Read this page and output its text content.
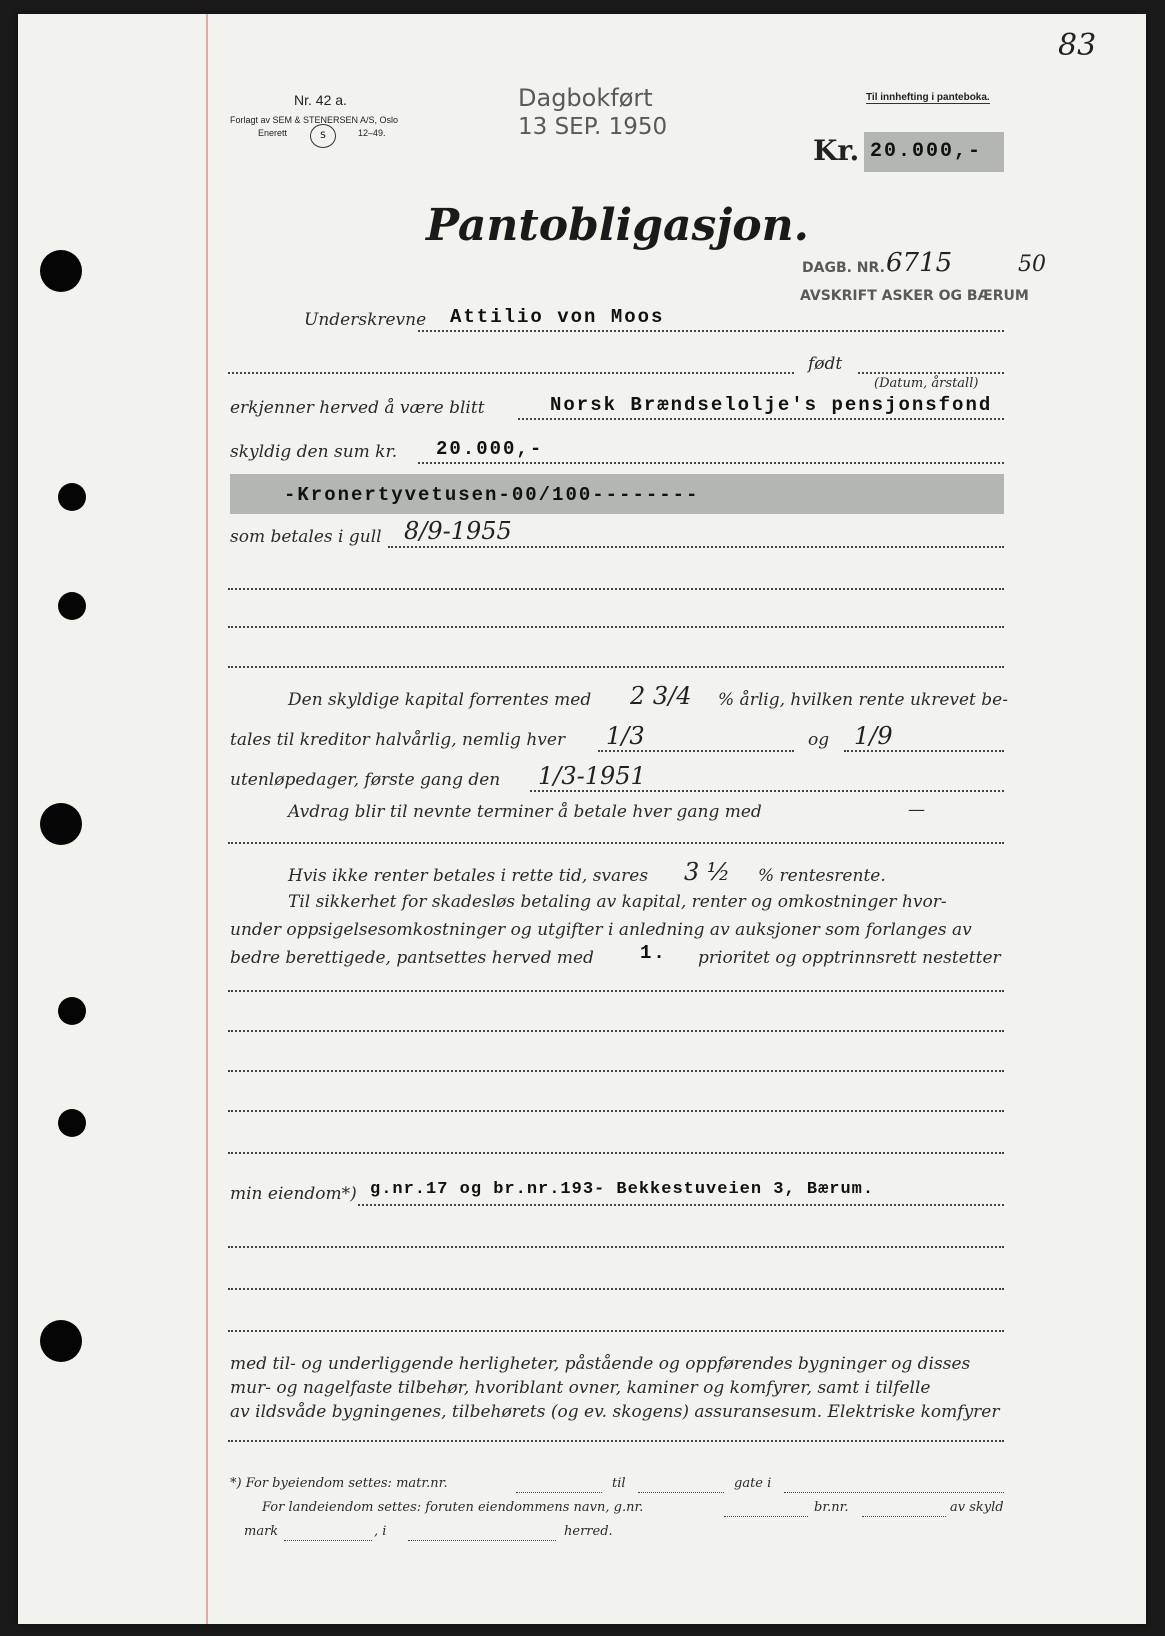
83
Nr. 42 a.
Forlagt av SEM & STENERSEN A/S, Oslo
Enerett	S	12–49.
Til innhefting i panteboka.
Dagbokført
13 SEP. 1950
Kr. 20.000,-
Pantobligasjon.
DAGB. NR. 6715	50
AVSKRIFT ASKER OG BÆRUM
Underskrevne Attilio von Moos
født
(Datum, årstall)
erkjenner herved å være blitt	Norsk Brændselolje's pensjonsfond
skyldig den sum kr. 20.000,-
-Kronertyvetusen-00/100--------
som betales i gull 8/9-1955
Den skyldige kapital forrentes med 2 3/4 % årlig, hvilken rente ukrevet be-
tales til kreditor halvårlig, nemlig hver 1/3	og 1/9
utenløpedager, første gang den 1/3-1951
Avdrag blir til nevnte terminer å betale hver gang med	—
Hvis ikke renter betales i rette tid, svares 3 ½ % rentesrente.
Til sikkerhet for skadesløs betaling av kapital, renter og omkostninger hvor-
under oppsigelsesomkostninger og utgifter i anledning av auksjoner som forlanges av
bedre berettigede, pantsettes herved med 1. prioritet og opptrinnsrett nestetter
min eiendom*) g.nr.17 og br.nr.193- Bekkestuveien 3, Bærum.
med til- og underliggende herligheter, påstående og oppførendes bygninger og disses
mur- og nagelfaste tilbehør, hvoriblant ovner, kaminer og komfyrer, samt i tilfelle
av ildsvåde bygningenes, tilbehørets (og ev. skogens) assuransesum. Elektriske komfyrer
*) For byeiendom settes: matr.nr.	til	gate i
For landeiendom settes: foruten eiendommens navn, g.nr.	br.nr.	av skyld
mark	, i	herred.
